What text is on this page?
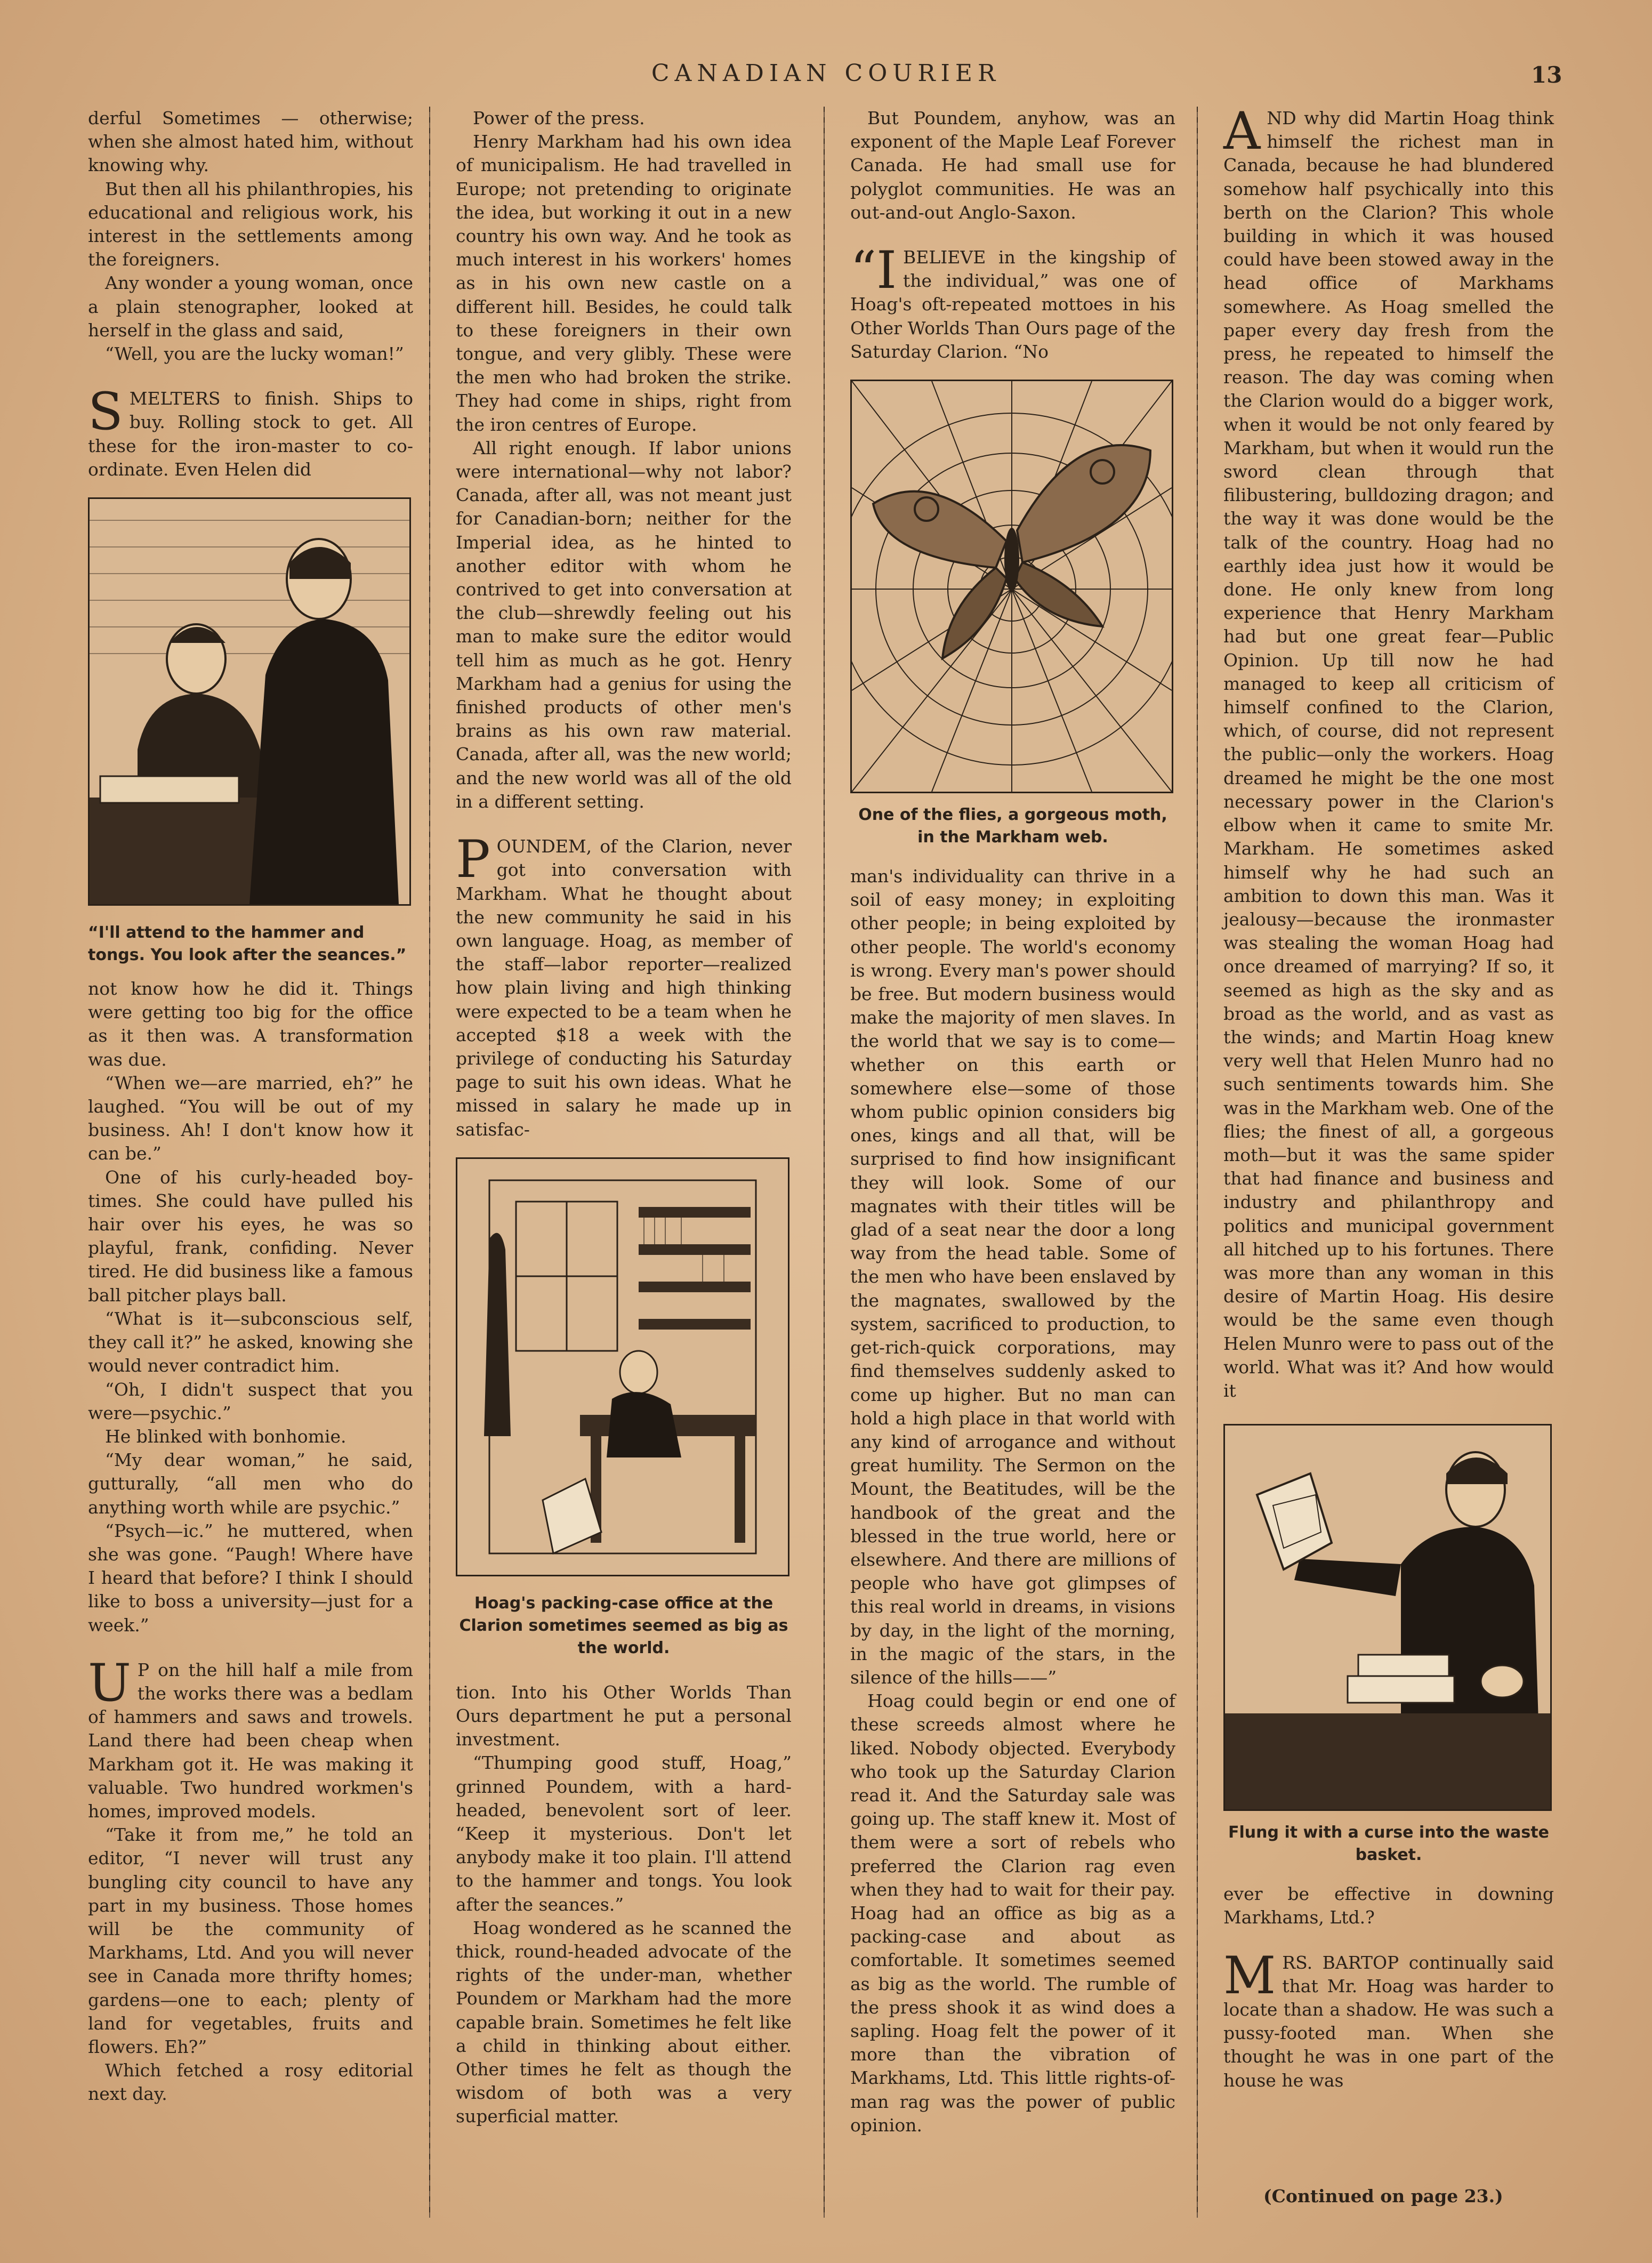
CANADIAN COURIER	13

derful Sometimes — otherwise; when she almost hated him, without knowing why.

But then all his philanthropies, his educational and religious work, his interest in the settlements among the foreigners.

Any wonder a young woman, once a plain stenographer, looked at herself in the glass and said,

“Well, you are the lucky woman!”

SMELTERS to finish. Ships to buy. Rolling stock to get. All these for the iron-master to co-ordinate. Even Helen did

“I'll attend to the hammer and tongs. You look after the seances.”

not know how he did it. Things were getting too big for the office as it then was. A transformation was due.

“When we—are married, eh?” he laughed. “You will be out of my business. Ah! I don't know how it can be.”

One of his curly-headed boy-times. She could have pulled his hair over his eyes, he was so playful, frank, confiding. Never tired. He did business like a famous ball pitcher plays ball.

“What is it—subconscious self, they call it?” he asked, knowing she would never contradict him.

“Oh, I didn't suspect that you were—psychic.”

He blinked with bonhomie.

“My dear woman,” he said, gutturally, “all men who do anything worth while are psychic.”

“Psych—ic.” he muttered, when she was gone. “Paugh! Where have I heard that before? I think I should like to boss a university—just for a week.”

U P on the hill half a mile from the works there was a bedlam of hammers and saws and trowels. Land there had been cheap when Markham got it. He was making it valuable. Two hundred workmen's homes, improved models.

“Take it from me,” he told an editor, “I never will trust any bungling city council to have any part in my business. Those homes will be the community of Markhams, Ltd. And you will never see in Canada more thrifty homes; gardens—one to each; plenty of land for vegetables, fruits and flowers. Eh?”

Which fetched a rosy editorial next day.

Power of the press.

Henry Markham had his own idea of municipalism. He had travelled in Europe; not pretending to originate the idea, but working it out in a new country his own way. And he took as much interest in his workers' homes as in his own new castle on a different hill. Besides, he could talk to these foreigners in their own tongue, and very glibly. These were the men who had broken the strike. They had come in ships, right from the iron centres of Europe.

All right enough. If labor unions were international—why not labor? Canada, after all, was not meant just for Canadian-born; neither for the Imperial idea, as he hinted to another editor with whom he contrived to get into conversation at the club—shrewdly feeling out his man to make sure the editor would tell him as much as he got. Henry Markham had a genius for using the finished products of other men's brains as his own raw material. Canada, after all, was the new world; and the new world was all of the old in a different setting.

POUNDEM, of the Clarion, never got into conversation with Markham. What he thought about the new community he said in his own language. Hoag, as member of the staff—labor reporter—realized how plain living and high thinking were expected to be a team when he accepted $18 a week with the privilege of conducting his Saturday page to suit his own ideas. What he missed in salary he made up in satisfac-

Hoag's packing-case office at the Clarion sometimes seemed as big as the world.

tion. Into his Other Worlds Than Ours department he put a personal investment.

“Thumping good stuff, Hoag,” grinned Poundem, with a hard-headed, benevolent sort of leer. “Keep it mysterious. Don't let anybody make it too plain. I'll attend to the hammer and tongs. You look after the seances.”

Hoag wondered as he scanned the thick, round-headed advocate of the rights of the under-man, whether Poundem or Markham had the more capable brain. Sometimes he felt like a child in thinking about either. Other times he felt as though the wisdom of both was a very superficial matter.

But Poundem, anyhow, was an exponent of the Maple Leaf Forever Canada. He had small use for polyglot communities. He was an out-and-out Anglo-Saxon.

“IBELIEVE in the kingship of the individual,” was one of Hoag's oft-repeated mottoes in his Other Worlds Than Ours page of the Saturday Clarion. “No

One of the flies, a gorgeous moth, in the Markham web.

man's individuality can thrive in a soil of easy money; in exploiting other people; in being exploited by other people. The world's economy is wrong. Every man's power should be free. But modern business would make the majority of men slaves. In the world that we say is to come—whether on this earth or somewhere else—some of those whom public opinion considers big ones, kings and all that, will be surprised to find how insignificant they will look. Some of our magnates with their titles will be glad of a seat near the door a long way from the head table. Some of the men who have been enslaved by the magnates, swallowed by the system, sacrificed to production, to get-rich-quick corporations, may find themselves suddenly asked to come up higher. But no man can hold a high place in that world with any kind of arrogance and without great humility. The Sermon on the Mount, the Beatitudes, will be the handbook of the great and the blessed in the true world, here or elsewhere. And there are millions of people who have got glimpses of this real world in dreams, in visions by day, in the light of the morning, in the magic of the stars, in the silence of the hills——”

Hoag could begin or end one of these screeds almost where he liked. Nobody objected. Everybody who took up the Saturday Clarion read it. And the Saturday sale was going up. The staff knew it. Most of them were a sort of rebels who preferred the Clarion rag even when they had to wait for their pay. Hoag had an office as big as a packing-case and about as comfortable. It sometimes seemed as big as the world. The rumble of the press shook it as wind does a sapling. Hoag felt the power of it more than the vibration of Markhams, Ltd. This little rights-of-man rag was the power of public opinion.

AND why did Martin Hoag think himself the richest man in Canada, because he had blundered somehow half psychically into this berth on the Clarion? This whole building in which it was housed could have been stowed away in the head office of Markhams somewhere. As Hoag smelled the paper every day fresh from the press, he repeated to himself the reason. The day was coming when the Clarion would do a bigger work, when it would be not only feared by Markham, but when it would run the sword clean through that filibustering, bulldozing dragon; and the way it was done would be the talk of the country. Hoag had no earthly idea just how it would be done. He only knew from long experience that Henry Markham had but one great fear—Public Opinion. Up till now he had managed to keep all criticism of himself confined to the Clarion, which, of course, did not represent the public—only the workers. Hoag dreamed he might be the one most necessary power in the Clarion's elbow when it came to smite Mr. Markham. He sometimes asked himself why he had such an ambition to down this man. Was it jealousy—because the ironmaster was stealing the woman Hoag had once dreamed of marrying? If so, it seemed as high as the sky and as broad as the world, and as vast as the winds; and Martin Hoag knew very well that Helen Munro had no such sentiments towards him. She was in the Markham web. One of the flies; the finest of all, a gorgeous moth—but it was the same spider that had finance and business and industry and philanthropy and politics and municipal government all hitched up to his fortunes. There was more than any woman in this desire of Martin Hoag. His desire would be the same even though Helen Munro were to pass out of the world. What was it? And how would it

Flung it with a curse into the waste basket.

ever be effective in downing Markhams, Ltd.?

MRS. BARTOP continually said that Mr. Hoag was harder to locate than a shadow. He was such a pussy-footed man. When she thought he was in one part of the house he was

(Continued on page 23.)
